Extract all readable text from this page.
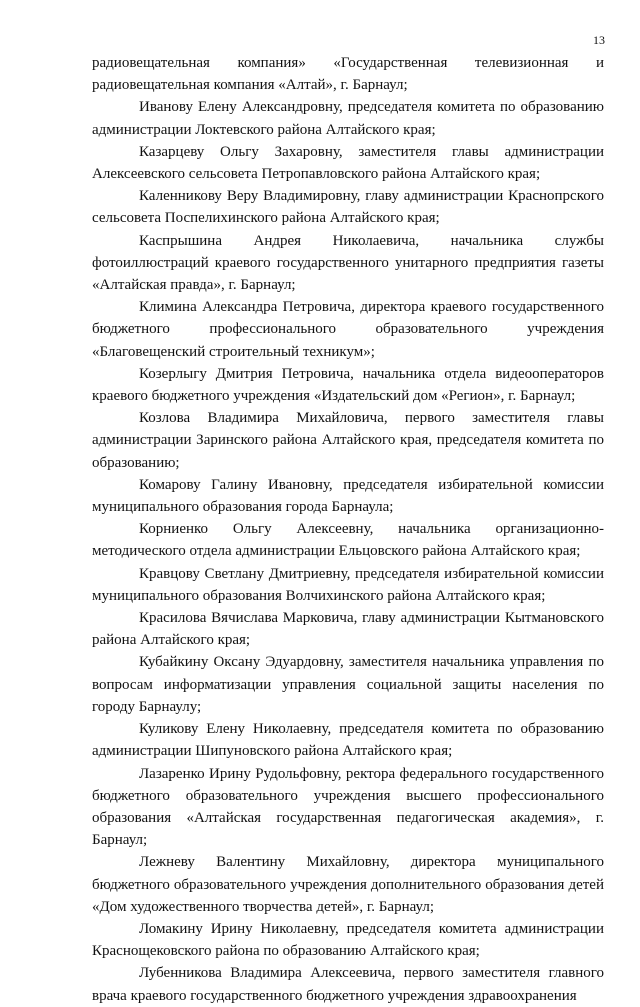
13

радиовещательная компания» «Государственная телевизионная и радиовещательная компания «Алтай», г. Барнаул;

Иванову Елену Александровну, председателя комитета по образованию администрации Локтевского района Алтайского края;

Казарцеву Ольгу Захаровну, заместителя главы администрации Алексеевского сельсовета Петропавловского района Алтайского края;

Каленникову Веру Владимировну, главу администрации Краснопрского сельсовета Поспелихинского района Алтайского края;

Каспрышина Андрея Николаевича, начальника службы фотоиллюстраций краевого государственного унитарного предприятия газеты «Алтайская правда», г. Барнаул;

Климина Александра Петровича, директора краевого государственного бюджетного профессионального образовательного учреждения «Благовещенский строительный техникум»;

Козерлыгу Дмитрия Петровича, начальника отдела видеооператоров краевого бюджетного учреждения «Издательский дом «Регион», г. Барнаул;

Козлова Владимира Михайловича, первого заместителя главы администрации Заринского района Алтайского края, председателя комитета по образованию;

Комарову Галину Ивановну, председателя избирательной комиссии муниципального образования города Барнаула;

Корниенко Ольгу Алексеевну, начальника организационно-методического отдела администрации Ельцовского района Алтайского края;

Кравцову Светлану Дмитриевну, председателя избирательной комиссии муниципального образования Волчихинского района Алтайского края;

Красилова Вячислава Марковича, главу администрации Кытмановского района Алтайского края;

Кубайкину Оксану Эдуардовну, заместителя начальника управления по вопросам информатизации управления социальной защиты населения по городу Барнаулу;

Куликову Елену Николаевну, председателя комитета по образованию администрации Шипуновского района Алтайского края;

Лазаренко Ирину Рудольфовну, ректора федерального государственного бюджетного образовательного учреждения высшего профессионального образования «Алтайская государственная педагогическая академия», г. Барнаул;

Лежневу Валентину Михайловну, директора муниципального бюджетного образовательного учреждения дополнительного образования детей «Дом художественного творчества детей», г. Барнаул;

Ломакину Ирину Николаевну, председателя комитета администрации Краснощековского района по образованию Алтайского края;

Лубенникова Владимира Алексеевича, первого заместителя главного врача краевого государственного бюджетного учреждения здравоохранения
